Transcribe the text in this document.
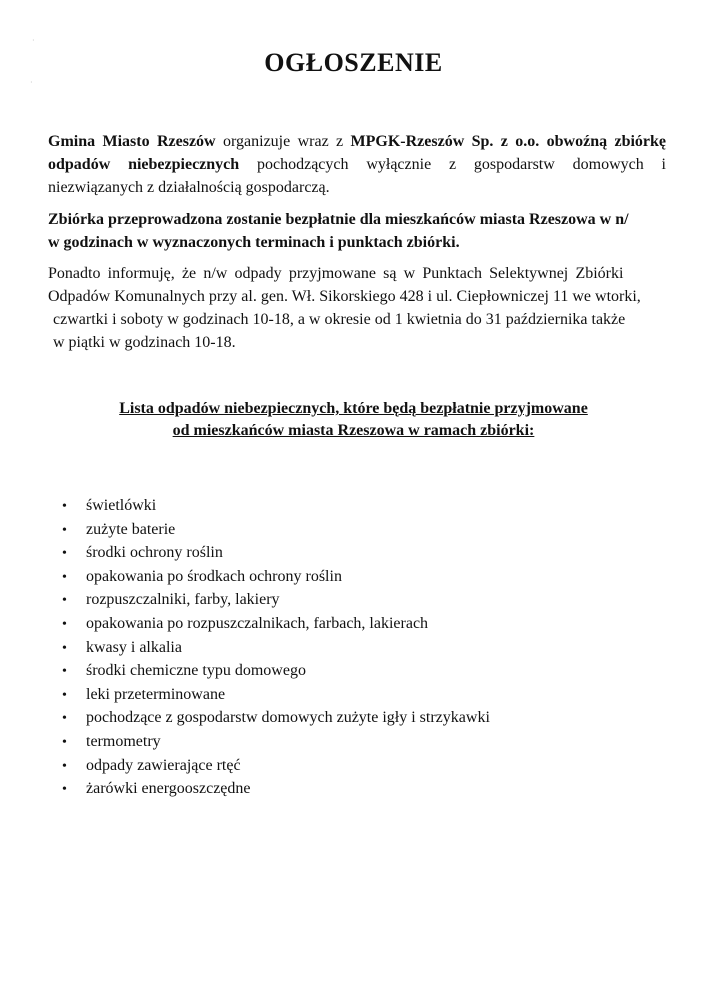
·
·
OGŁOSZENIE

Gmina Miasto Rzeszów organizuje wraz z MPGK-Rzeszów Sp. z o.o. obwoźną zbiórkę odpadów niebezpiecznych pochodzących wyłącznie z gospodarstw domowych i niezwiązanych z działalnością gospodarczą.

Zbiórka przeprowadzona zostanie bezpłatnie dla mieszkańców miasta Rzeszowa w n/
w godzinach w wyznaczonych terminach i punktach zbiórki.

Ponadto informuję, że n/w odpady przyjmowane są w Punktach Selektywnej Zbiórki
Odpadów Komunalnych przy al. gen. Wł. Sikorskiego 428 i ul. Ciepłowniczej 11 we wtorki,
czwartki i soboty w godzinach 10-18, a w okresie od 1 kwietnia do 31 października także
w piątki w godzinach 10-18.

Lista odpadów niebezpiecznych, które będą bezpłatnie przyjmowane
od mieszkańców miasta Rzeszowa w ramach zbiórki:
• świetlówki
• zużyte baterie
• środki ochrony roślin
• opakowania po środkach ochrony roślin
• rozpuszczalniki, farby, lakiery
• opakowania po rozpuszczalnikach, farbach, lakierach
• kwasy i alkalia
• środki chemiczne typu domowego
• leki przeterminowane
• pochodzące z gospodarstw domowych zużyte igły i strzykawki
• termometry
• odpady zawierające rtęć
• żarówki energooszczędne
